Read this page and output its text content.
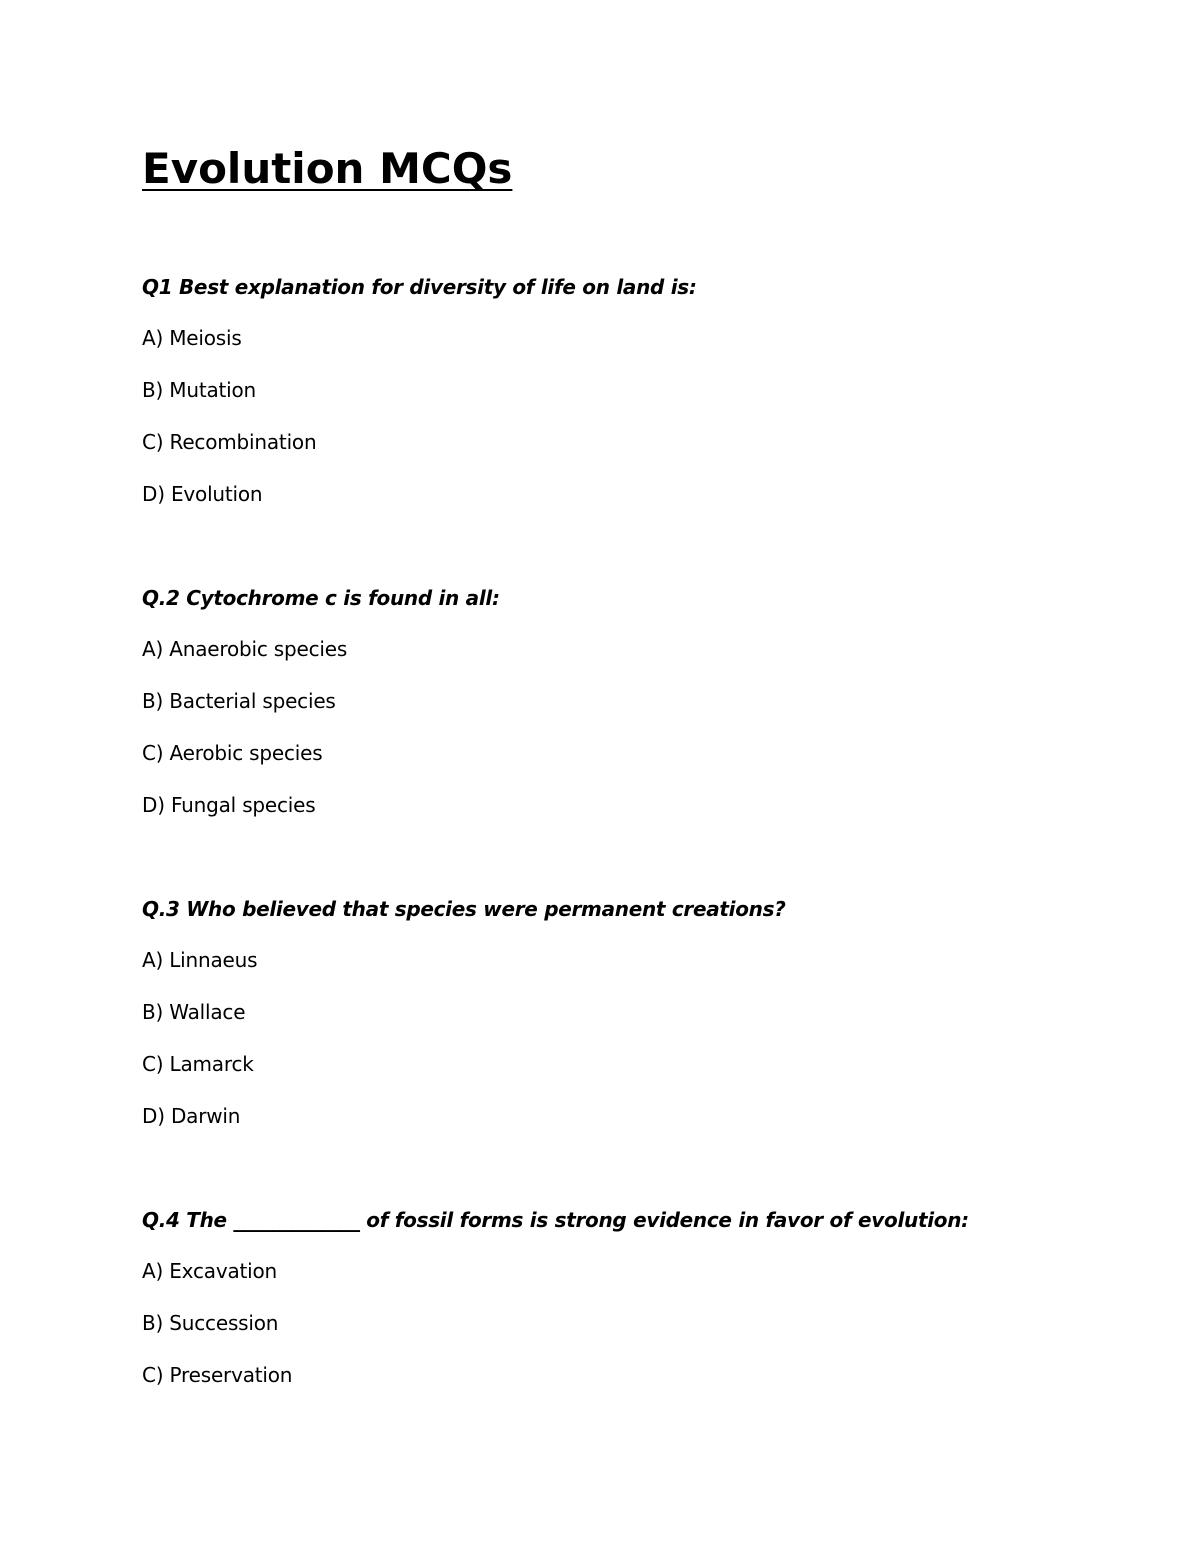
Evolution MCQs

Q1 Best explanation for diversity of life on land is:

A) Meiosis

B) Mutation

C) Recombination

D) Evolution

Q.2 Cytochrome c is found in all:

A) Anaerobic species

B) Bacterial species

C) Aerobic species

D) Fungal species

Q.3 Who believed that species were permanent creations?

A) Linnaeus

B) Wallace

C) Lamarck

D) Darwin

Q.4 The _____________ of fossil forms is strong evidence in favor of evolution:

A) Excavation

B) Succession

C) Preservation
